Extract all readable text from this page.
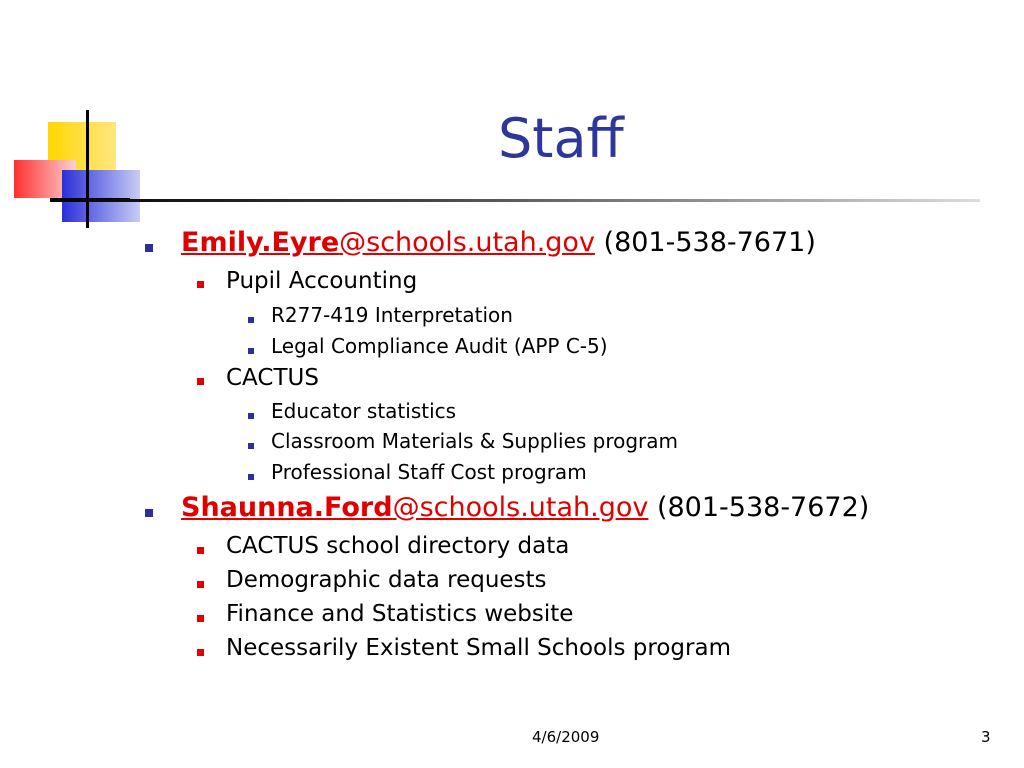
Staff
Emily.Eyre@schools.utah.gov (801-538-7671)
Pupil Accounting
R277-419 Interpretation
Legal Compliance Audit (APP C-5)
CACTUS
Educator statistics
Classroom Materials & Supplies program
Professional Staff Cost program
Shaunna.Ford@schools.utah.gov (801-538-7672)
CACTUS school directory data
Demographic data requests
Finance and Statistics website
Necessarily Existent Small Schools program
4/6/2009	3
